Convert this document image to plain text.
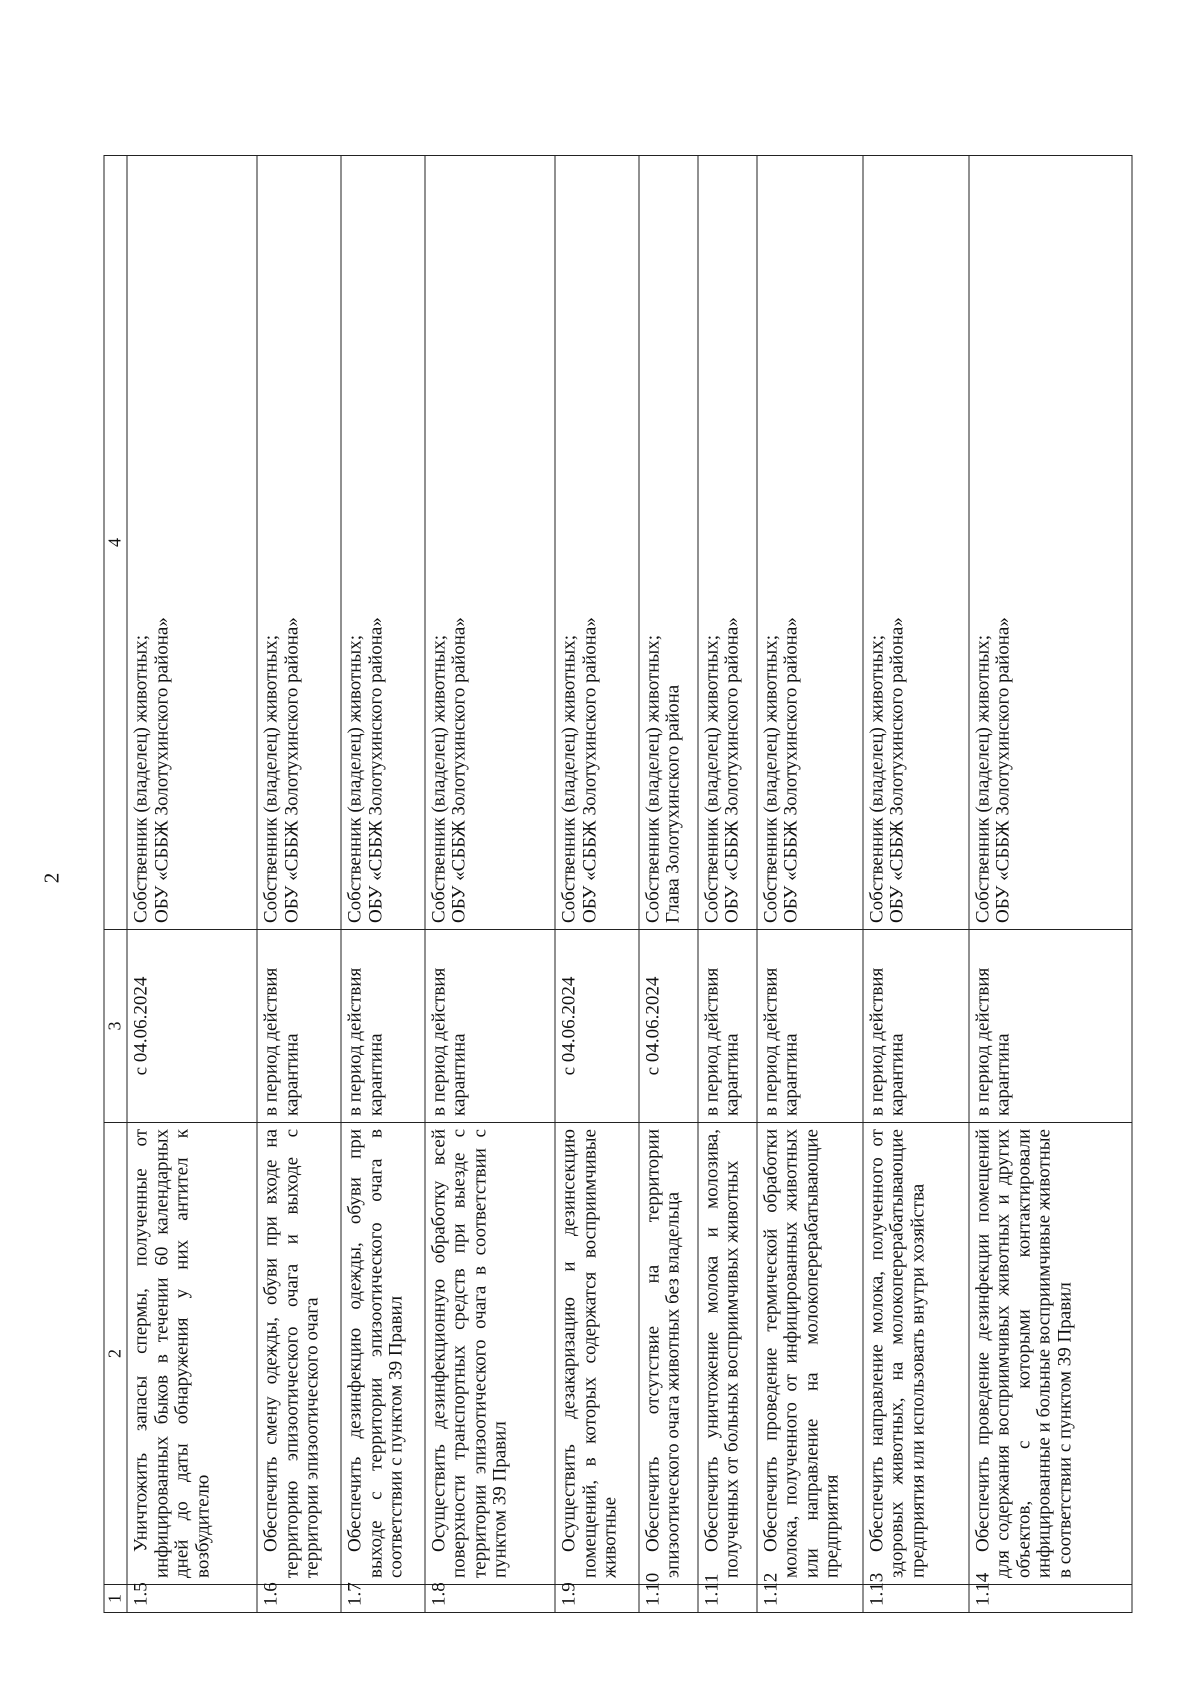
2
1	2	3	4
1.5	Уничтожить запасы спермы, полученные от инфицированных быков в течении 60 календарных дней до даты обнаружения у них антител к возбудителю	с 04.06.2024	Собственник (владелец) животных; ОБУ «СББЖ Золотухинского района»

1.6	Обеспечить смену одежды, обуви при входе на территорию эпизоотического очага и выходе с территории эпизоотического очага	в период действия карантина	Собственник (владелец) животных; ОБУ «СББЖ Золотухинского района»

1.7	Обеспечить дезинфекцию одежды, обуви при выходе с территории эпизоотического очага в соответствии с пунктом 39 Правил	в период действия карантина	Собственник (владелец) животных; ОБУ «СББЖ Золотухинского района»

1.8	Осуществить дезинфекционную обработку всей поверхности транспортных средств при выезде с территории эпизоотического очага в соответствии с пунктом 39 Правил	в период действия карантина	Собственник (владелец) животных; ОБУ «СББЖ Золотухинского района»

1.9	Осуществить дезакаризацию и дезинсекцию помещений, в которых содержатся восприимчивые животные	с 04.06.2024	Собственник (владелец) животных; ОБУ «СББЖ Золотухинского района»

1.10	Обеспечить отсутствие на территории эпизоотического очага животных без владельца	с 04.06.2024	Собственник (владелец) животных; Глава Золотухинского района

1.11	Обеспечить уничтожение молока и молозива, полученных от больных восприимчивых животных	в период действия карантина	Собственник (владелец) животных; ОБУ «СББЖ Золотухинского района»

1.12	Обеспечить проведение термической обработки молока, полученного от инфицированных животных или направление на молокоперерабатывающие предприятия	в период действия карантина	Собственник (владелец) животных; ОБУ «СББЖ Золотухинского района»

1.13	Обеспечить направление молока, полученного от здоровых животных, на молокоперерабатывающие предприятия или использовать внутри хозяйства	в период действия карантина	Собственник (владелец) животных; ОБУ «СББЖ Золотухинского района»

1.14	Обеспечить проведение дезинфекции помещений для содержания восприимчивых животных и других объектов, с которыми контактировали инфицированные и больные восприимчивые животные в соответствии с пунктом 39 Правил	в период действия карантина	Собственник (владелец) животных; ОБУ «СББЖ Золотухинского района»
